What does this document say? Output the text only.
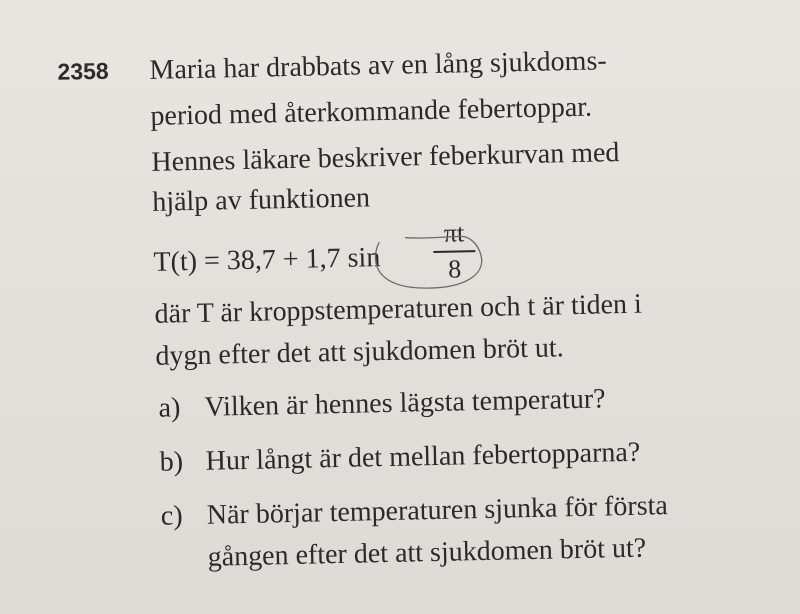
2358 Maria har drabbats av en lång sjukdoms-
period med återkommande febertoppar.
Hennes läkare beskriver feberkurvan med
hjälp av funktionen
T(t) = 38,7 + 1,7 sin
πt
8
där T är kroppstemperaturen och t är tiden i
dygn efter det att sjukdomen bröt ut.
a) Vilken är hennes lägsta temperatur?
b) Hur långt är det mellan febertopparna?
c) När börjar temperaturen sjunka för första
gången efter det att sjukdomen bröt ut?
